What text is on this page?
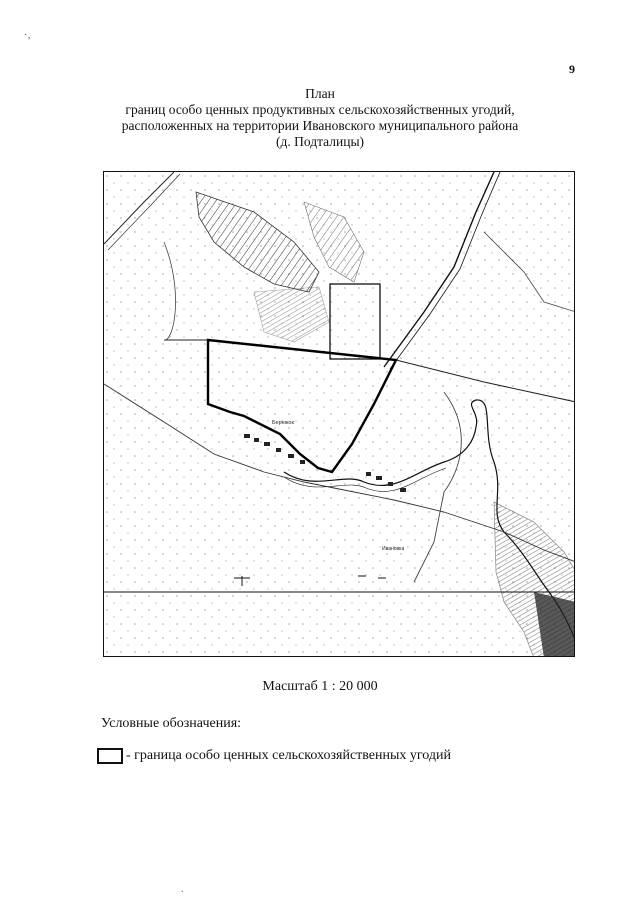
·‚
9
План
границ особо ценных продуктивных сельскохозяйственных угодий,
расположенных на территории Ивановского муниципального района
(д. Подталицы)
Бережок
Ивановка
Масштаб 1 : 20 000
Условные обозначения:
- граница особо ценных сельскохозяйственных угодий
.
